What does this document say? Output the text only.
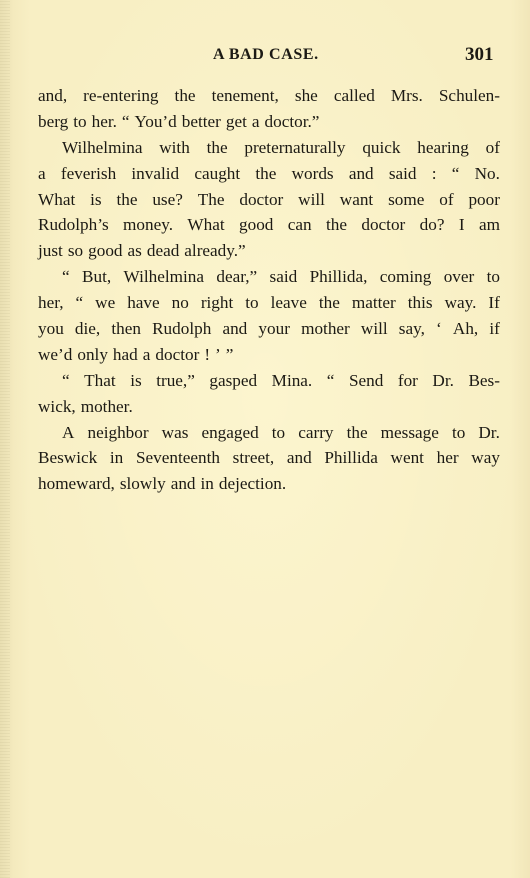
A BAD CASE.	301
and, re-entering the tenement, she called Mrs. Schulen-
berg to her. “ You’d better get a doctor.”
Wilhelmina with the preternaturally quick hearing of
a feverish invalid caught the words and said : “ No.
What is the use? The doctor will want some of poor
Rudolph’s money. What good can the doctor do? I am
just so good as dead already.”
“ But, Wilhelmina dear,” said Phillida, coming over to
her, “ we have no right to leave the matter this way. If
you die, then Rudolph and your mother will say, ‘ Ah, if
we’d only had a doctor ! ’ ”
“ That is true,” gasped Mina. “ Send for Dr. Bes-
wick, mother.
A neighbor was engaged to carry the message to Dr.
Beswick in Seventeenth street, and Phillida went her way
homeward, slowly and in dejection.
